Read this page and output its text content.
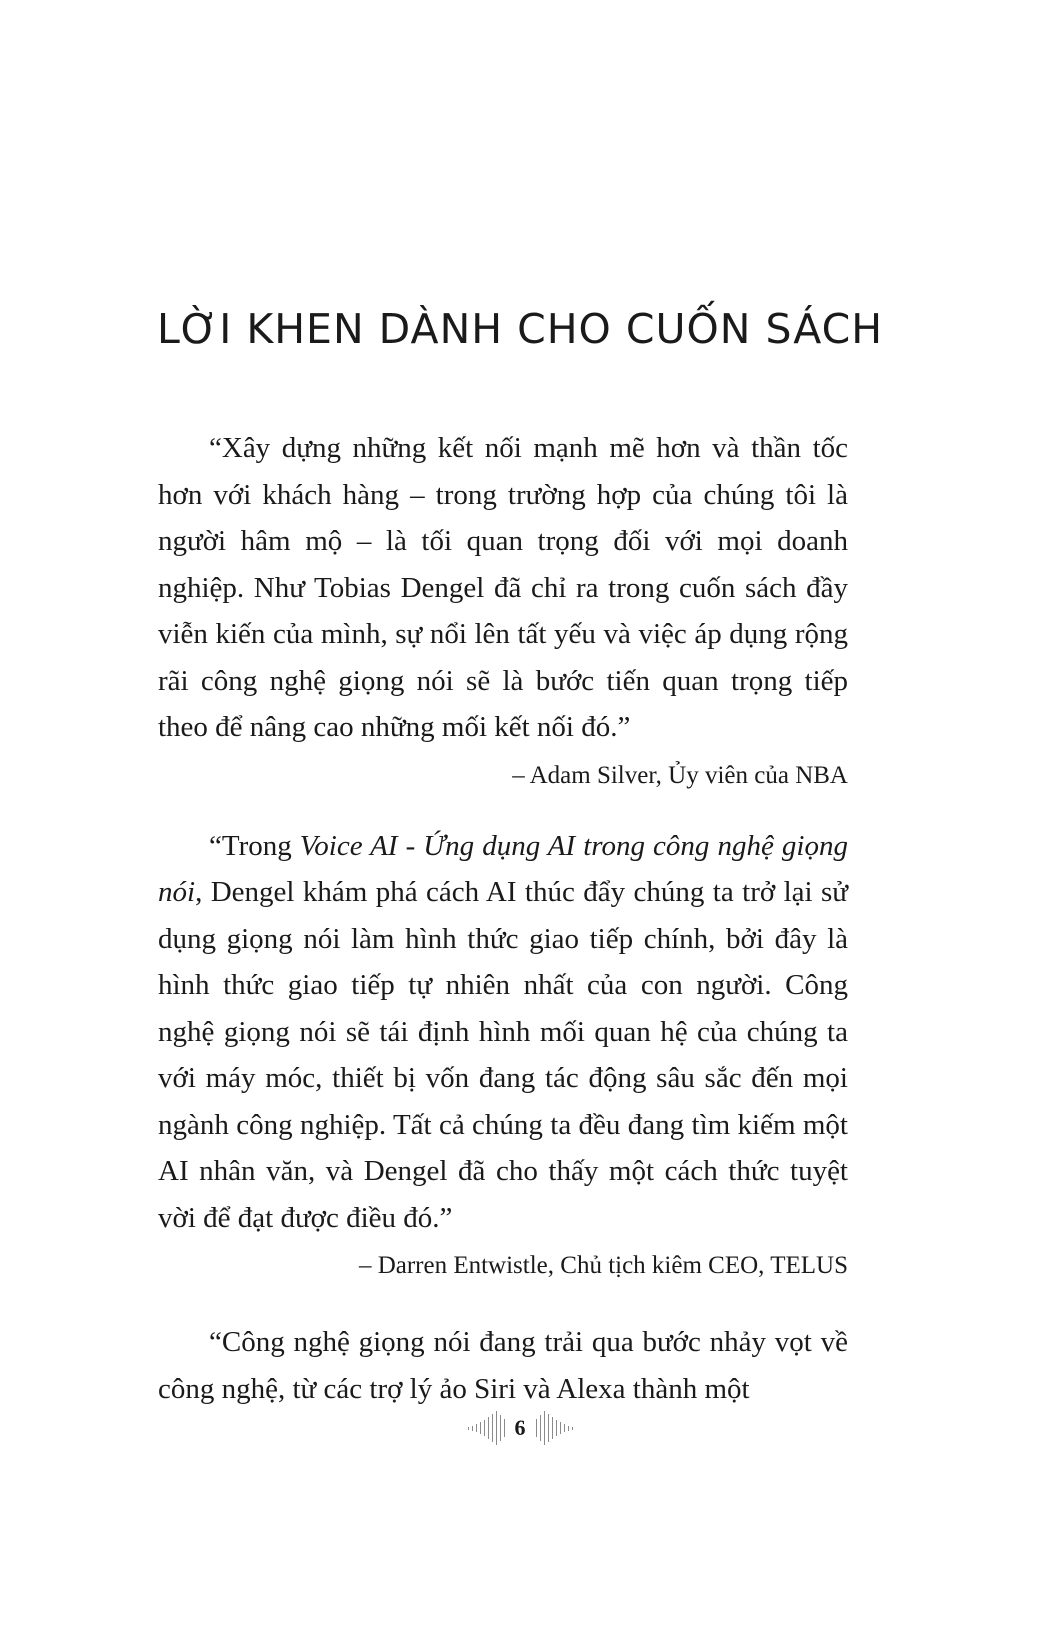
LỜI KHEN DÀNH CHO CUỐN SÁCH

“Xây dựng những kết nối mạnh mẽ hơn và thần tốc hơn với khách hàng – trong trường hợp của chúng tôi là người hâm mộ – là tối quan trọng đối với mọi doanh nghiệp. Như Tobias Dengel đã chỉ ra trong cuốn sách đầy viễn kiến của mình, sự nổi lên tất yếu và việc áp dụng rộng rãi công nghệ giọng nói sẽ là bước tiến quan trọng tiếp theo để nâng cao những mối kết nối đó.”

– Adam Silver, Ủy viên của NBA

“Trong Voice AI - Ứng dụng AI trong công nghệ giọng nói, Dengel khám phá cách AI thúc đẩy chúng ta trở lại sử dụng giọng nói làm hình thức giao tiếp chính, bởi đây là hình thức giao tiếp tự nhiên nhất của con người. Công nghệ giọng nói sẽ tái định hình mối quan hệ của chúng ta với máy móc, thiết bị vốn đang tác động sâu sắc đến mọi ngành công nghiệp. Tất cả chúng ta đều đang tìm kiếm một AI nhân văn, và Dengel đã cho thấy một cách thức tuyệt vời để đạt được điều đó.”

– Darren Entwistle, Chủ tịch kiêm CEO, TELUS

“Công nghệ giọng nói đang trải qua bước nhảy vọt về công nghệ, từ các trợ lý ảo Siri và Alexa thành một

6
